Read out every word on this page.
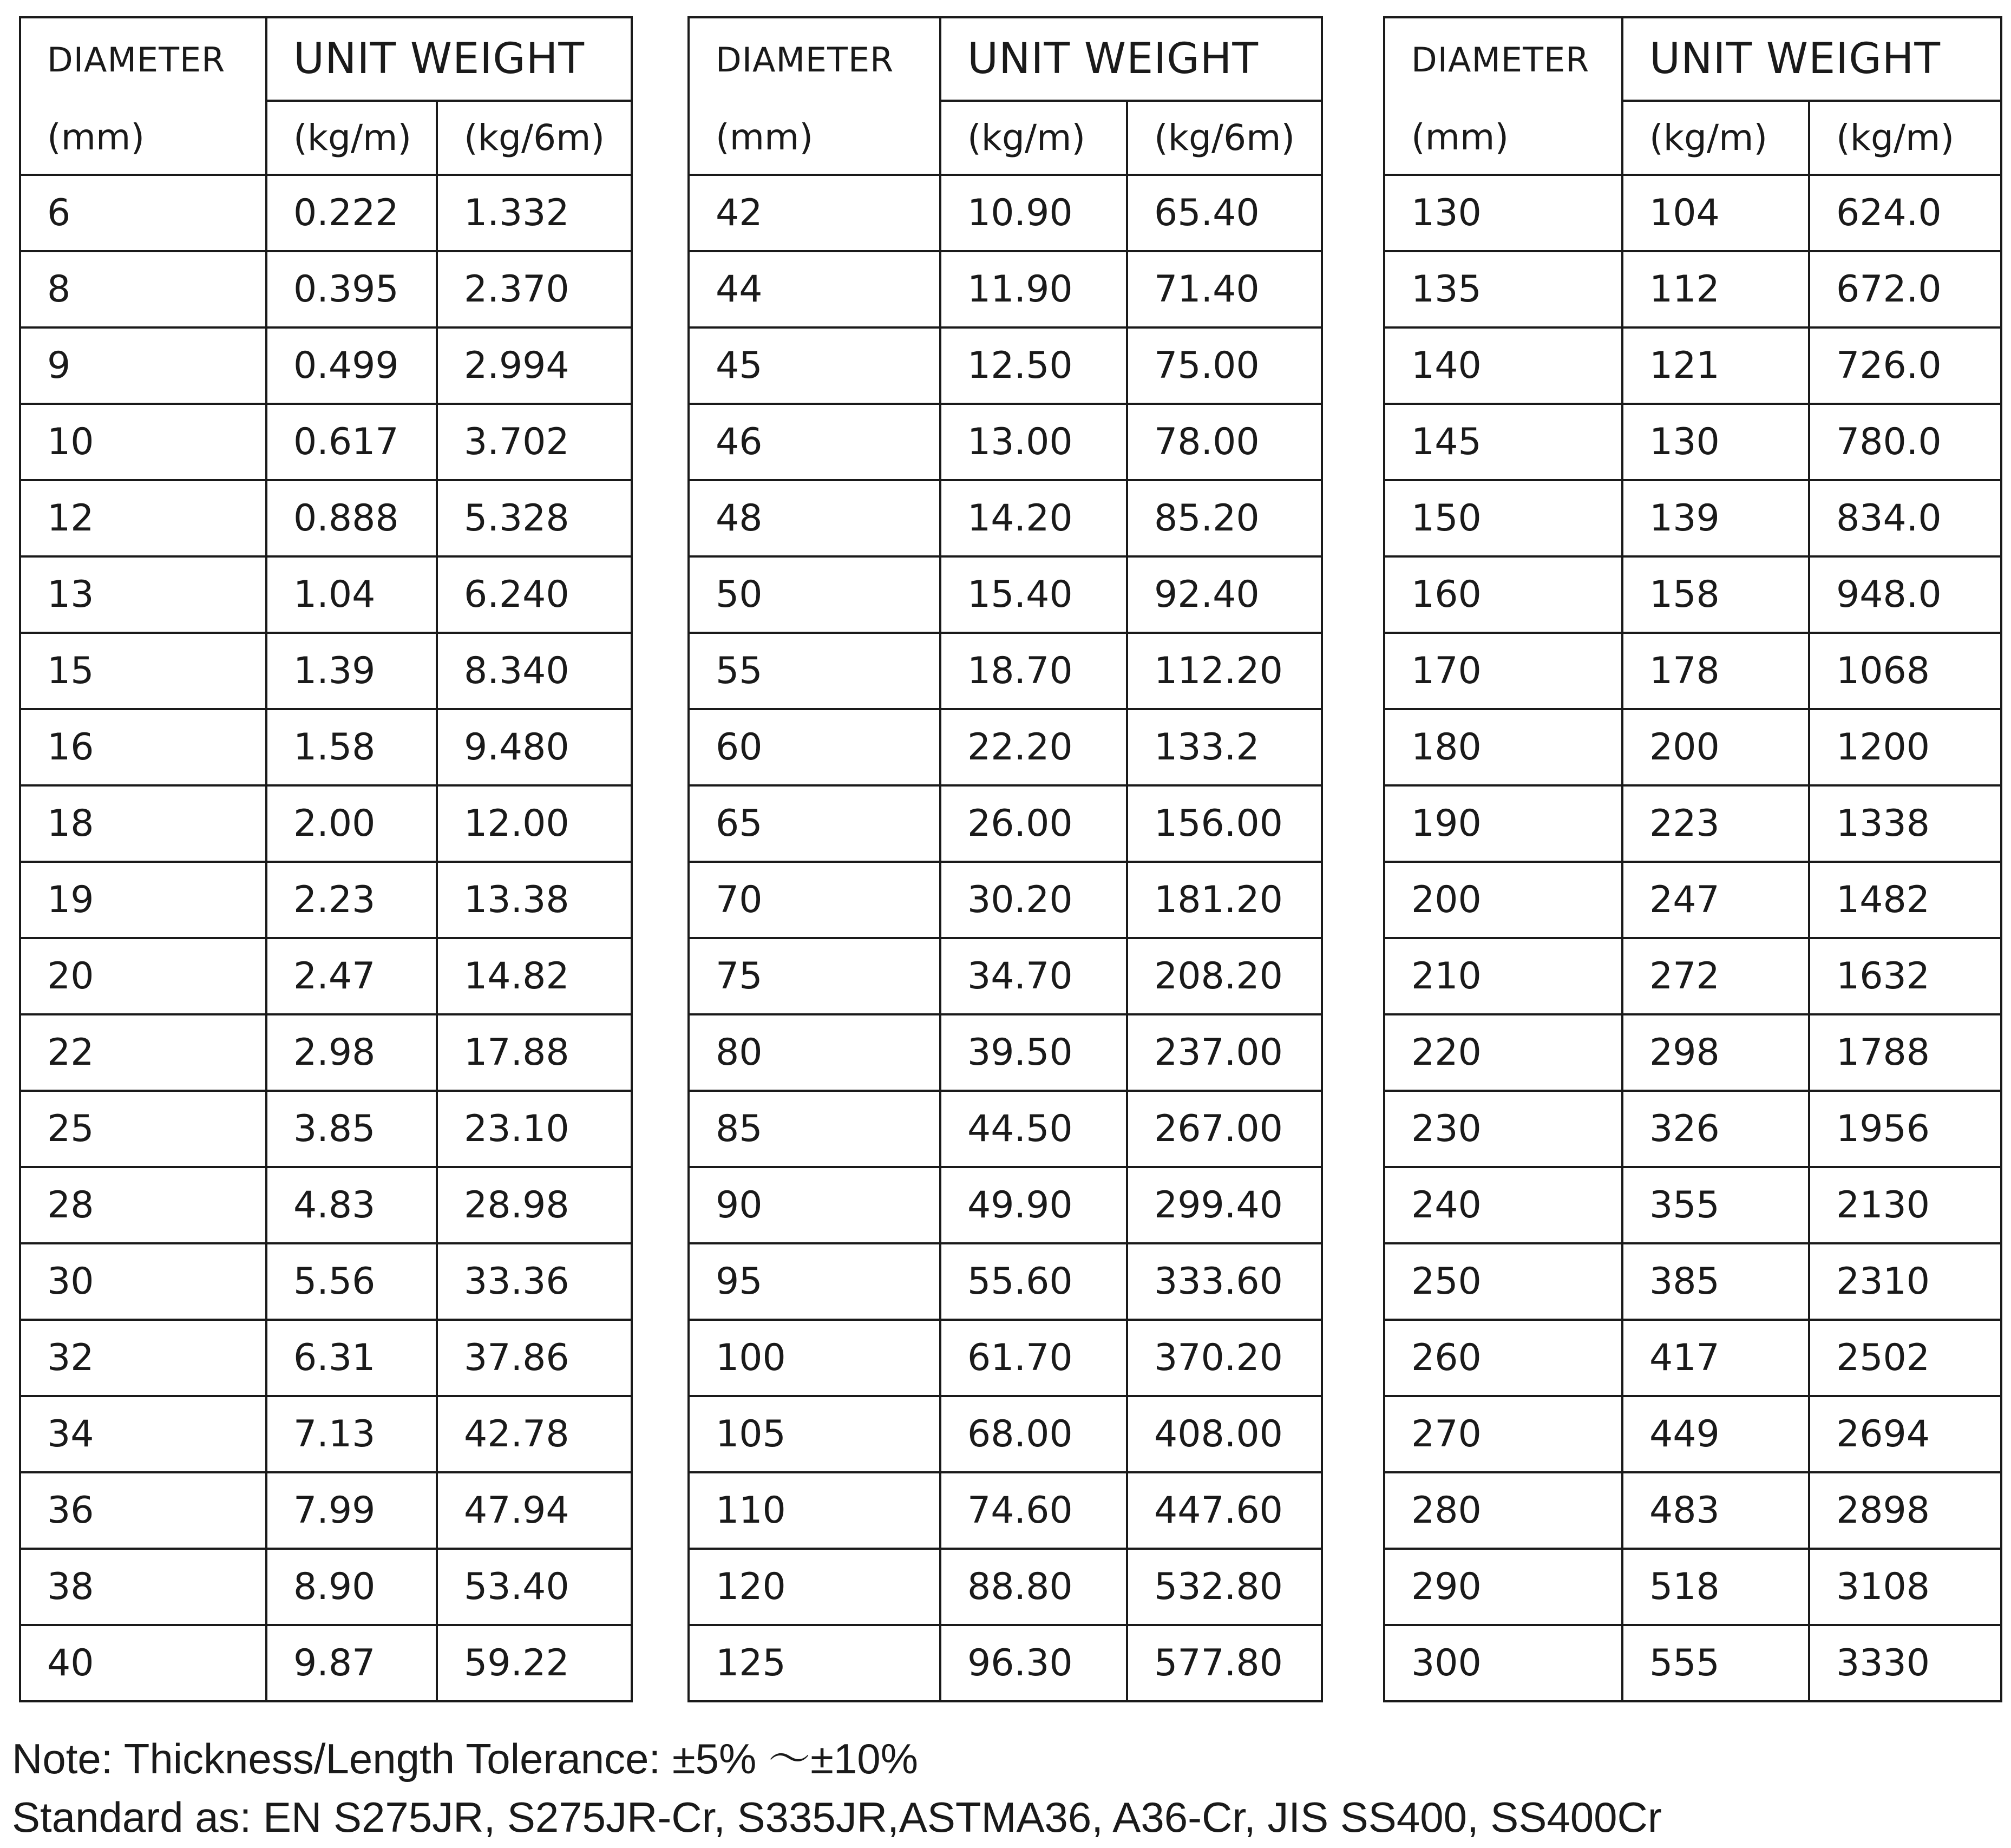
DIAMETER	UNIT WEIGHT	
(mm)	(kg/m)	(kg/6m)
6	0.222	1.332
8	0.395	2.370
9	0.499	2.994
10	0.617	3.702
12	0.888	5.328
13	1.04	6.240
15	1.39	8.340
16	1.58	9.480
18	2.00	12.00
19	2.23	13.38
20	2.47	14.82
22	2.98	17.88
25	3.85	23.10
28	4.83	28.98
30	5.56	33.36
32	6.31	37.86
34	7.13	42.78
36	7.99	47.94
38	8.90	53.40
40	9.87	59.22
DIAMETER	UNIT WEIGHT	
(mm)	(kg/m)	(kg/6m)
42	10.90	65.40
44	11.90	71.40
45	12.50	75.00
46	13.00	78.00
48	14.20	85.20
50	15.40	92.40
55	18.70	112.20
60	22.20	133.2
65	26.00	156.00
70	30.20	181.20
75	34.70	208.20
80	39.50	237.00
85	44.50	267.00
90	49.90	299.40
95	55.60	333.60
100	61.70	370.20
105	68.00	408.00
110	74.60	447.60
120	88.80	532.80
125	96.30	577.80
DIAMETER	UNIT WEIGHT	
(mm)	(kg/m)	(kg/m)
130	104	624.0
135	112	672.0
140	121	726.0
145	130	780.0
150	139	834.0
160	158	948.0
170	178	1068
180	200	1200
190	223	1338
200	247	1482
210	272	1632
220	298	1788
230	326	1956
240	355	2130
250	385	2310
260	417	2502
270	449	2694
280	483	2898
290	518	3108
300	555	3330
Note: Thickness/Length Tolerance: ±5% ～±10%
Standard as: EN S275JR, S275JR-Cr, S335JR,ASTMA36, A36-Cr, JIS SS400, SS400Cr
